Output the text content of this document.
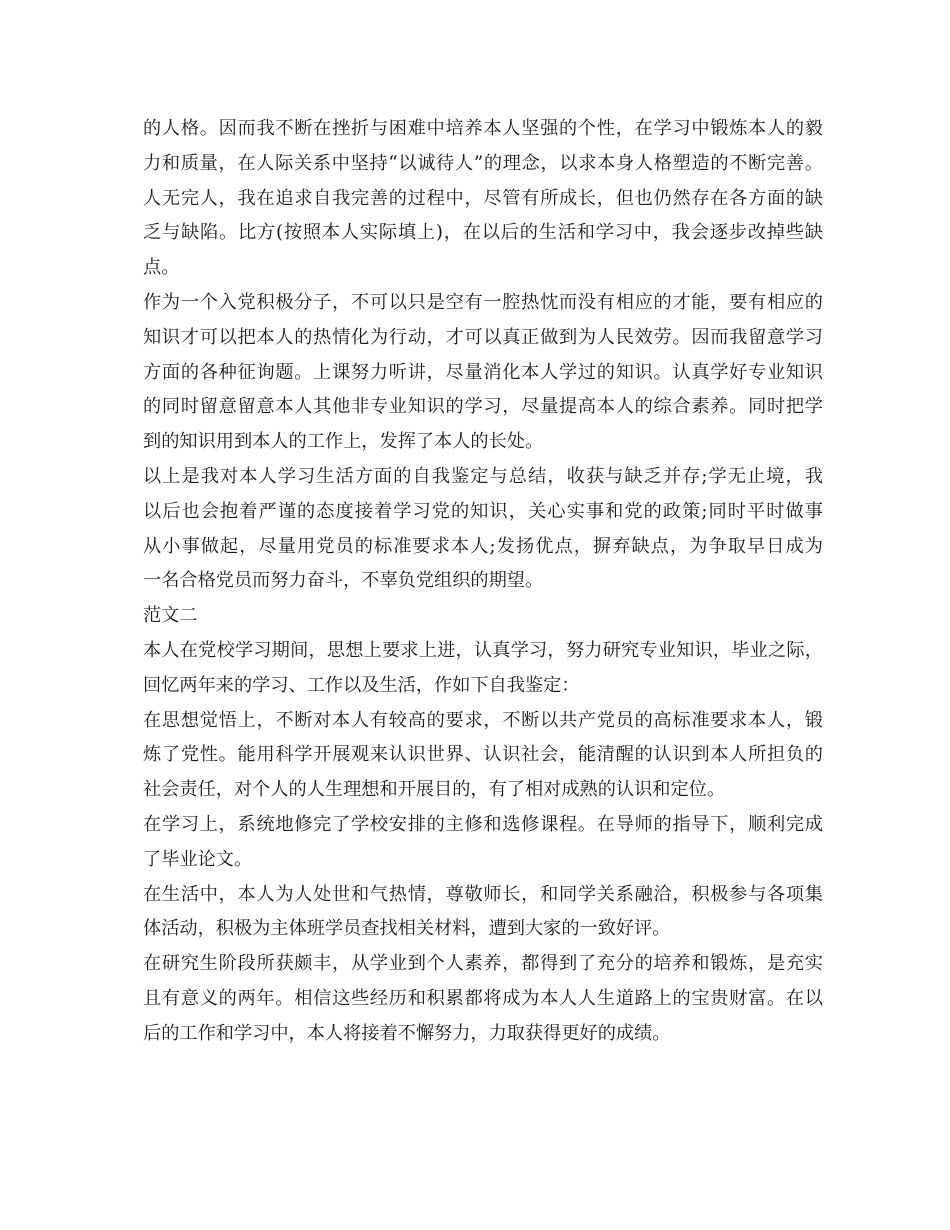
的人格。因而我不断在挫折与困难中培养本人坚强的个性，在学习中锻炼本人的毅
力和质量，在人际关系中坚持“以诚待人”的理念，以求本身人格塑造的不断完善。
人无完人，我在追求自我完善的过程中，尽管有所成长，但也仍然存在各方面的缺
乏与缺陷。比方(按照本人实际填上)，在以后的生活和学习中，我会逐步改掉些缺
点。
作为一个入党积极分子，不可以只是空有一腔热忱而没有相应的才能，要有相应的
知识才可以把本人的热情化为行动，才可以真正做到为人民效劳。因而我留意学习
方面的各种征询题。上课努力听讲，尽量消化本人学过的知识。认真学好专业知识
的同时留意留意本人其他非专业知识的学习，尽量提高本人的综合素养。同时把学
到的知识用到本人的工作上，发挥了本人的长处。
以上是我对本人学习生活方面的自我鉴定与总结，收获与缺乏并存;学无止境，我
以后也会抱着严谨的态度接着学习党的知识，关心实事和党的政策;同时平时做事
从小事做起，尽量用党员的标准要求本人;发扬优点，摒弃缺点，为争取早日成为
一名合格党员而努力奋斗，不辜负党组织的期望。
范文二
本人在党校学习期间，思想上要求上进，认真学习，努力研究专业知识，毕业之际，
回忆两年来的学习、工作以及生活，作如下自我鉴定：
在思想觉悟上，不断对本人有较高的要求，不断以共产党员的高标准要求本人，锻
炼了党性。能用科学开展观来认识世界、认识社会，能清醒的认识到本人所担负的
社会责任，对个人的人生理想和开展目的，有了相对成熟的认识和定位。
在学习上，系统地修完了学校安排的主修和选修课程。在导师的指导下，顺利完成
了毕业论文。
在生活中，本人为人处世和气热情，尊敬师长，和同学关系融洽，积极参与各项集
体活动，积极为主体班学员查找相关材料，遭到大家的一致好评。
在研究生阶段所获颇丰，从学业到个人素养，都得到了充分的培养和锻炼，是充实
且有意义的两年。相信这些经历和积累都将成为本人人生道路上的宝贵财富。在以
后的工作和学习中，本人将接着不懈努力，力取获得更好的成绩。
